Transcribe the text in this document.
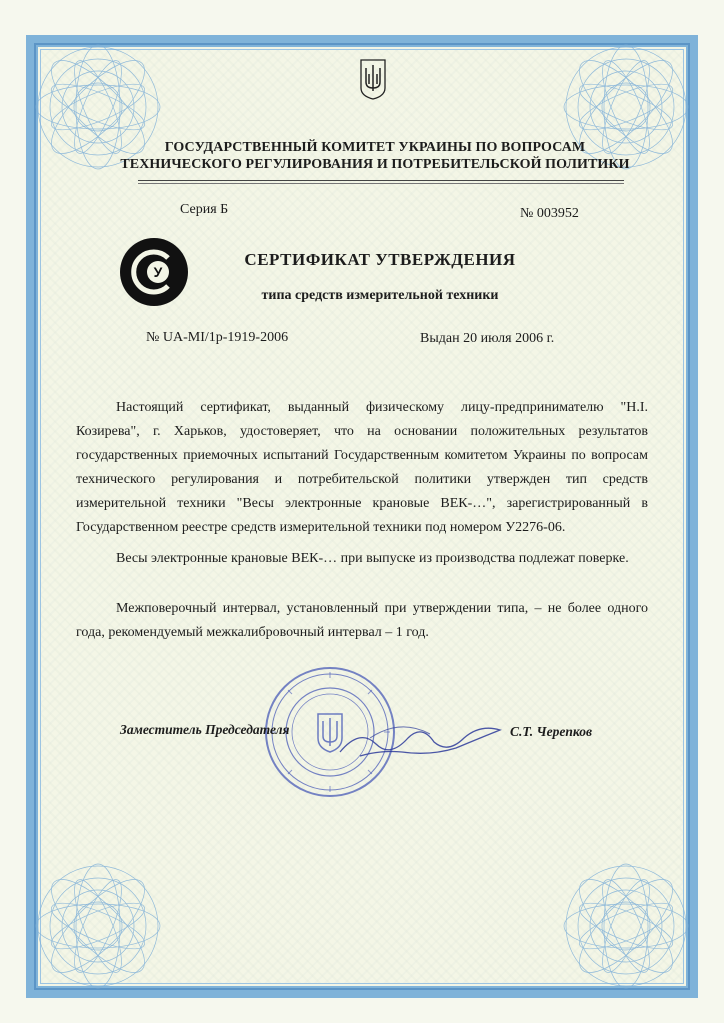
ГОСУДАРСТВЕННЫЙ КОМИТЕТ УКРАИНЫ ПО ВОПРОСАМ
ТЕХНИЧЕСКОГО РЕГУЛИРОВАНИЯ И ПОТРЕБИТЕЛЬСКОЙ ПОЛИТИКИ
Серия Б	№ 003952
У
СЕРТИФИКАТ УТВЕРЖДЕНИЯ
типа средств измерительной техники
№ UA-MI/1р-1919-2006	Выдан 20 июля 2006 г.
Настоящий сертификат, выданный физическому лицу-предпринимателю "Н.І. Козирева", г. Харьков, удостоверяет, что на основании положительных результатов государственных приемочных испытаний Государственным комитетом Украины по вопросам технического регулирования и потребительской политики утвержден тип средств измерительной техники "Весы электронные крановые ВЕК-…", зарегистрированный в Государственном реестре средств измерительной техники под номером У2276-06.
Весы электронные крановые ВЕК-… при выпуске из производства подлежат поверке.
Межповерочный интервал, установленный при утверждении типа, – не более одного года, рекомендуемый межкалибровочный интервал – 1 год.
Заместитель Председателя	С.Т. Черепков
